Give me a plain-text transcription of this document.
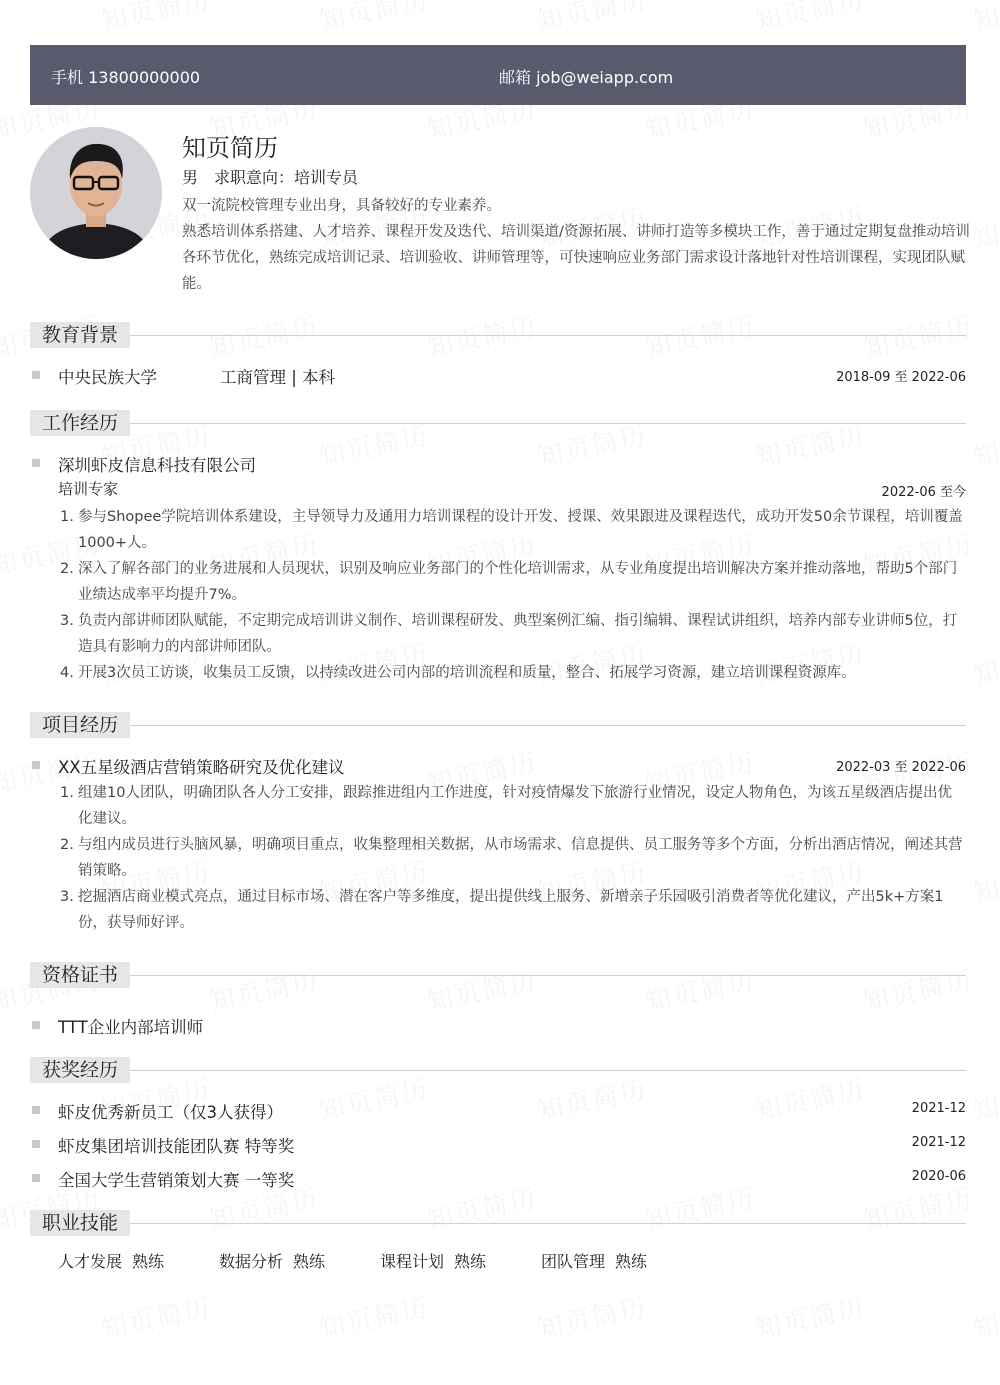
手机 13800000000	邮箱 job@weiapp.com
知页简历
男 求职意向：培训专员
双一流院校管理专业出身，具备较好的专业素养。
熟悉培训体系搭建、人才培养、课程开发及迭代、培训渠道/资源拓展、讲师打造等多模块工作，善于通过定期复盘推动培训各环节优化，熟练完成培训记录、培训验收、讲师管理等，可快速响应业务部门需求设计落地针对性培训课程，实现团队赋能。
教育背景
中央民族大学	工商管理 | 本科	2018-09 至 2022-06
工作经历
深圳虾皮信息科技有限公司
培训专家	2022-06 至今
1. 参与Shopee学院培训体系建设，主导领导力及通用力培训课程的设计开发、授课、效果跟进及课程迭代，成功开发50余节课程，培训覆盖1000+人。
2. 深入了解各部门的业务进展和人员现状，识别及响应业务部门的个性化培训需求，从专业角度提出培训解决方案并推动落地，帮助5个部门业绩达成率平均提升7%。
3. 负责内部讲师团队赋能，不定期完成培训讲义制作、培训课程研发、典型案例汇编、指引编辑、课程试讲组织，培养内部专业讲师5位，打造具有影响力的内部讲师团队。
4. 开展3次员工访谈，收集员工反馈，以持续改进公司内部的培训流程和质量，整合、拓展学习资源，建立培训课程资源库。
项目经历
XX五星级酒店营销策略研究及优化建议	2022-03 至 2022-06
1. 组建10人团队，明确团队各人分工安排，跟踪推进组内工作进度，针对疫情爆发下旅游行业情况，设定人物角色，为该五星级酒店提出优化建议。
2. 与组内成员进行头脑风暴，明确项目重点，收集整理相关数据，从市场需求、信息提供、员工服务等多个方面，分析出酒店情况，阐述其营销策略。
3. 挖掘酒店商业模式亮点，通过目标市场、潜在客户等多维度，提出提供线上服务、新增亲子乐园吸引消费者等优化建议，产出5k+方案1份，获导师好评。
资格证书
TTT企业内部培训师
获奖经历
虾皮优秀新员工（仅3人获得）	2021-12
虾皮集团培训技能团队赛 特等奖	2021-12
全国大学生营销策划大赛 一等奖	2020-06
职业技能
人才发展 熟练	数据分析 熟练	课程计划 熟练	团队管理 熟练
